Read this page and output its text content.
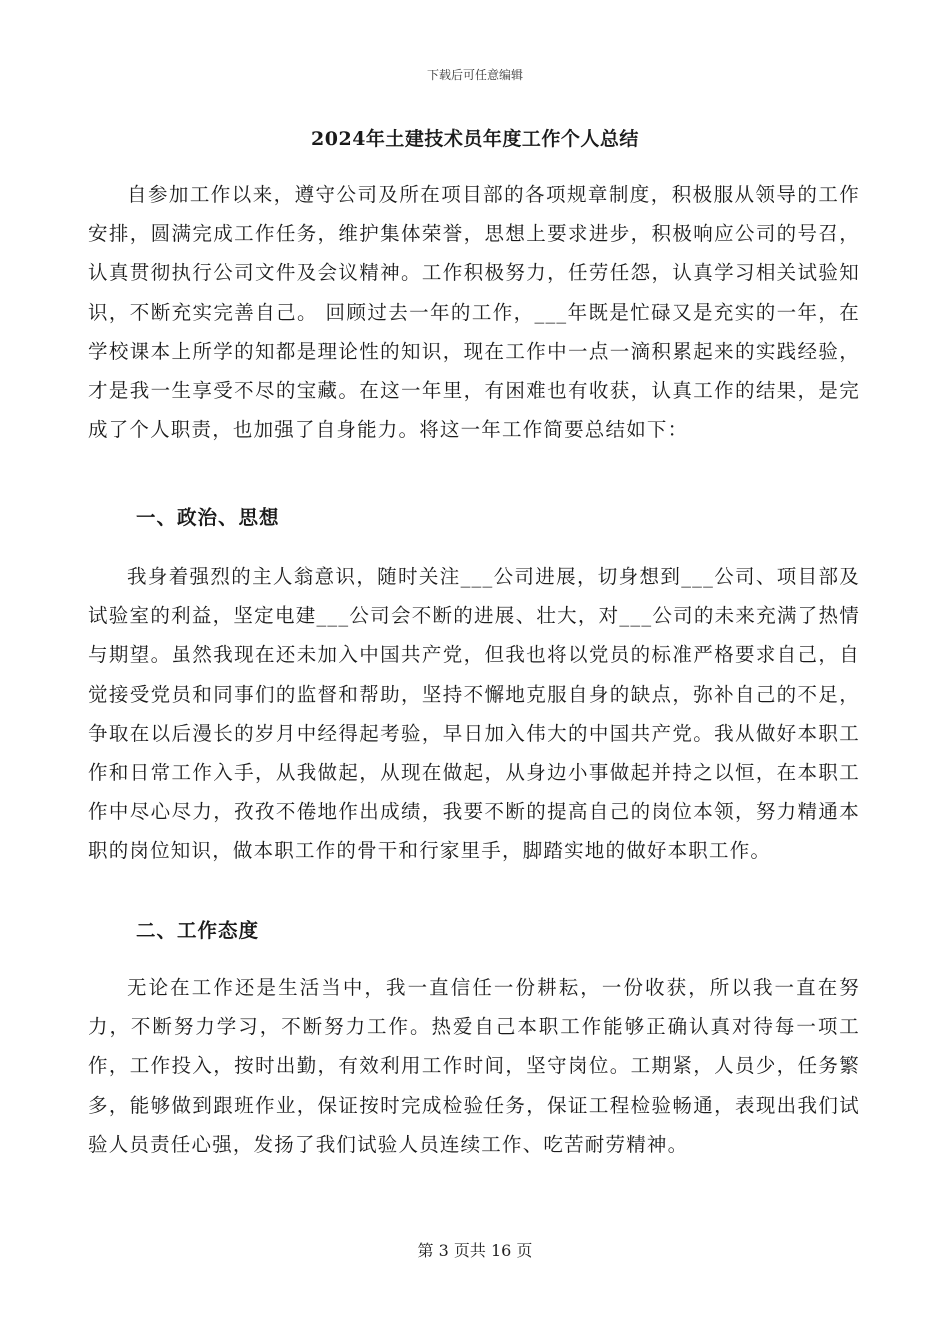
下载后可任意编辑
2024年土建技术员年度工作个人总结

自参加工作以来，遵守公司及所在项目部的各项规章制度，积极服从领导的工作安排，圆满完成工作任务，维护集体荣誉，思想上要求进步，积极响应公司的号召，认真贯彻执行公司文件及会议精神。工作积极努力，任劳任怨，认真学习相关试验知识，不断充实完善自己。 回顾过去一年的工作，___年既是忙碌又是充实的一年，在学校课本上所学的知都是理论性的知识，现在工作中一点一滴积累起来的实践经验，才是我一生享受不尽的宝藏。在这一年里，有困难也有收获，认真工作的结果，是完成了个人职责，也加强了自身能力。将这一年工作简要总结如下：

一、政治、思想

我身着强烈的主人翁意识，随时关注___公司进展，切身想到___公司、项目部及试验室的利益，坚定电建___公司会不断的进展、壮大，对___公司的未来充满了热情与期望。虽然我现在还未加入中国共产党，但我也将以党员的标准严格要求自己，自觉接受党员和同事们的监督和帮助，坚持不懈地克服自身的缺点，弥补自己的不足，争取在以后漫长的岁月中经得起考验，早日加入伟大的中国共产党。我从做好本职工作和日常工作入手，从我做起，从现在做起，从身边小事做起并持之以恒，在本职工作中尽心尽力，孜孜不倦地作出成绩，我要不断的提高自己的岗位本领，努力精通本职的岗位知识，做本职工作的骨干和行家里手，脚踏实地的做好本职工作。

二、工作态度

无论在工作还是生活当中，我一直信任一份耕耘，一份收获，所以我一直在努力，不断努力学习，不断努力工作。热爱自己本职工作能够正确认真对待每一项工作，工作投入，按时出勤，有效利用工作时间，坚守岗位。工期紧，人员少，任务繁多，能够做到跟班作业，保证按时完成检验任务，保证工程检验畅通，表现出我们试验人员责任心强，发扬了我们试验人员连续工作、吃苦耐劳精神。

第 3 页共 16 页
